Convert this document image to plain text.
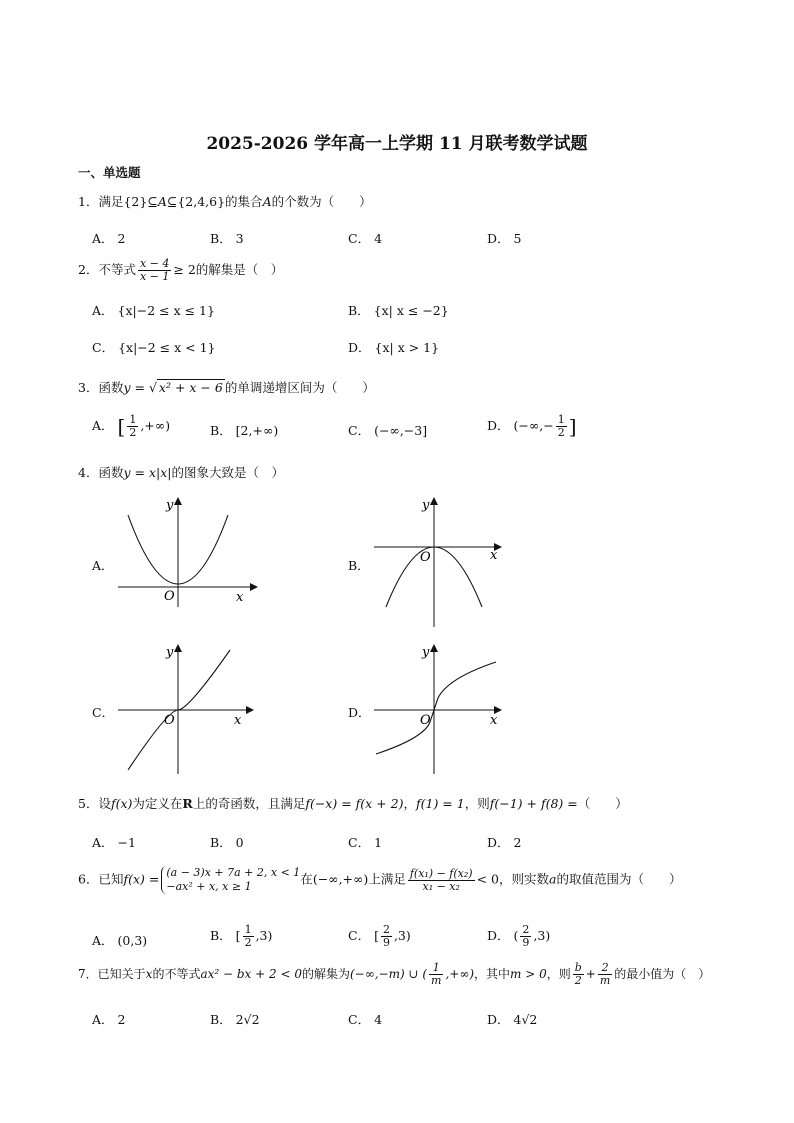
2025-2026 学年高一上学期 11 月联考数学试题
一、单选题
1．满足{2}⊆A⊆{2,4,6}的集合A的个数为（　　）
A． 2	B． 3	C． 4	D． 5
2．不等式 $\frac{x - 4}{x - 1} \ge 2$的解集是（　）
A． {x|−2 ≤ x ≤ 1}	B． {x| x ≤ −2}
C． {x|−2 ≤ x < 1}	D． {x| x > 1}
3．函数y = √ x² + x − 6 的单调递增区间为（　　）
A． [ $\frac{1}{2}$ ,+∞)	B． [2,+∞)	C． (−∞,−3]	D． (−∞,− $\frac{1}{2}$ ]
4．函数y = x|x|的图象大致是（　）
A．
O	x
y
B．
O	x
y
C．
O	x
y
D．
O	x
y
5．设f(x)为定义在R上的奇函数，且满足f(−x) = f(x + 2)，f(1) = 1，则f(−1) + f(8) =（　　）
A． −1	B． 0	C． 1	D． 2
6．已知f(x) = (a − 3)x + 7a + 2, x < 1
−ax² + x, x ≥ 1	在(−∞,+∞)上满足 $\frac{\text{f(x₁) − f(x₂)}}{\text{x₁ − x₂}} < 0$，则实数a的取值范围为（　　）
A． (0,3)	B． [ $\frac{1}{2} ,3$)	C． [ $\frac{2}{9} ,3$)	D． ( $\frac{2}{9} ,3$)
7．已知关于x的不等式ax² − bx + 2 < 0的解集为(−∞,−m) ∪ ( $\frac{1}{m}$ ,+∞)，其中m > 0，则 $\frac{b}{2} + \frac{2}{m}$ 的最小值为（　）
A． 2	B． 2√2	C． 4	D． 4√2
